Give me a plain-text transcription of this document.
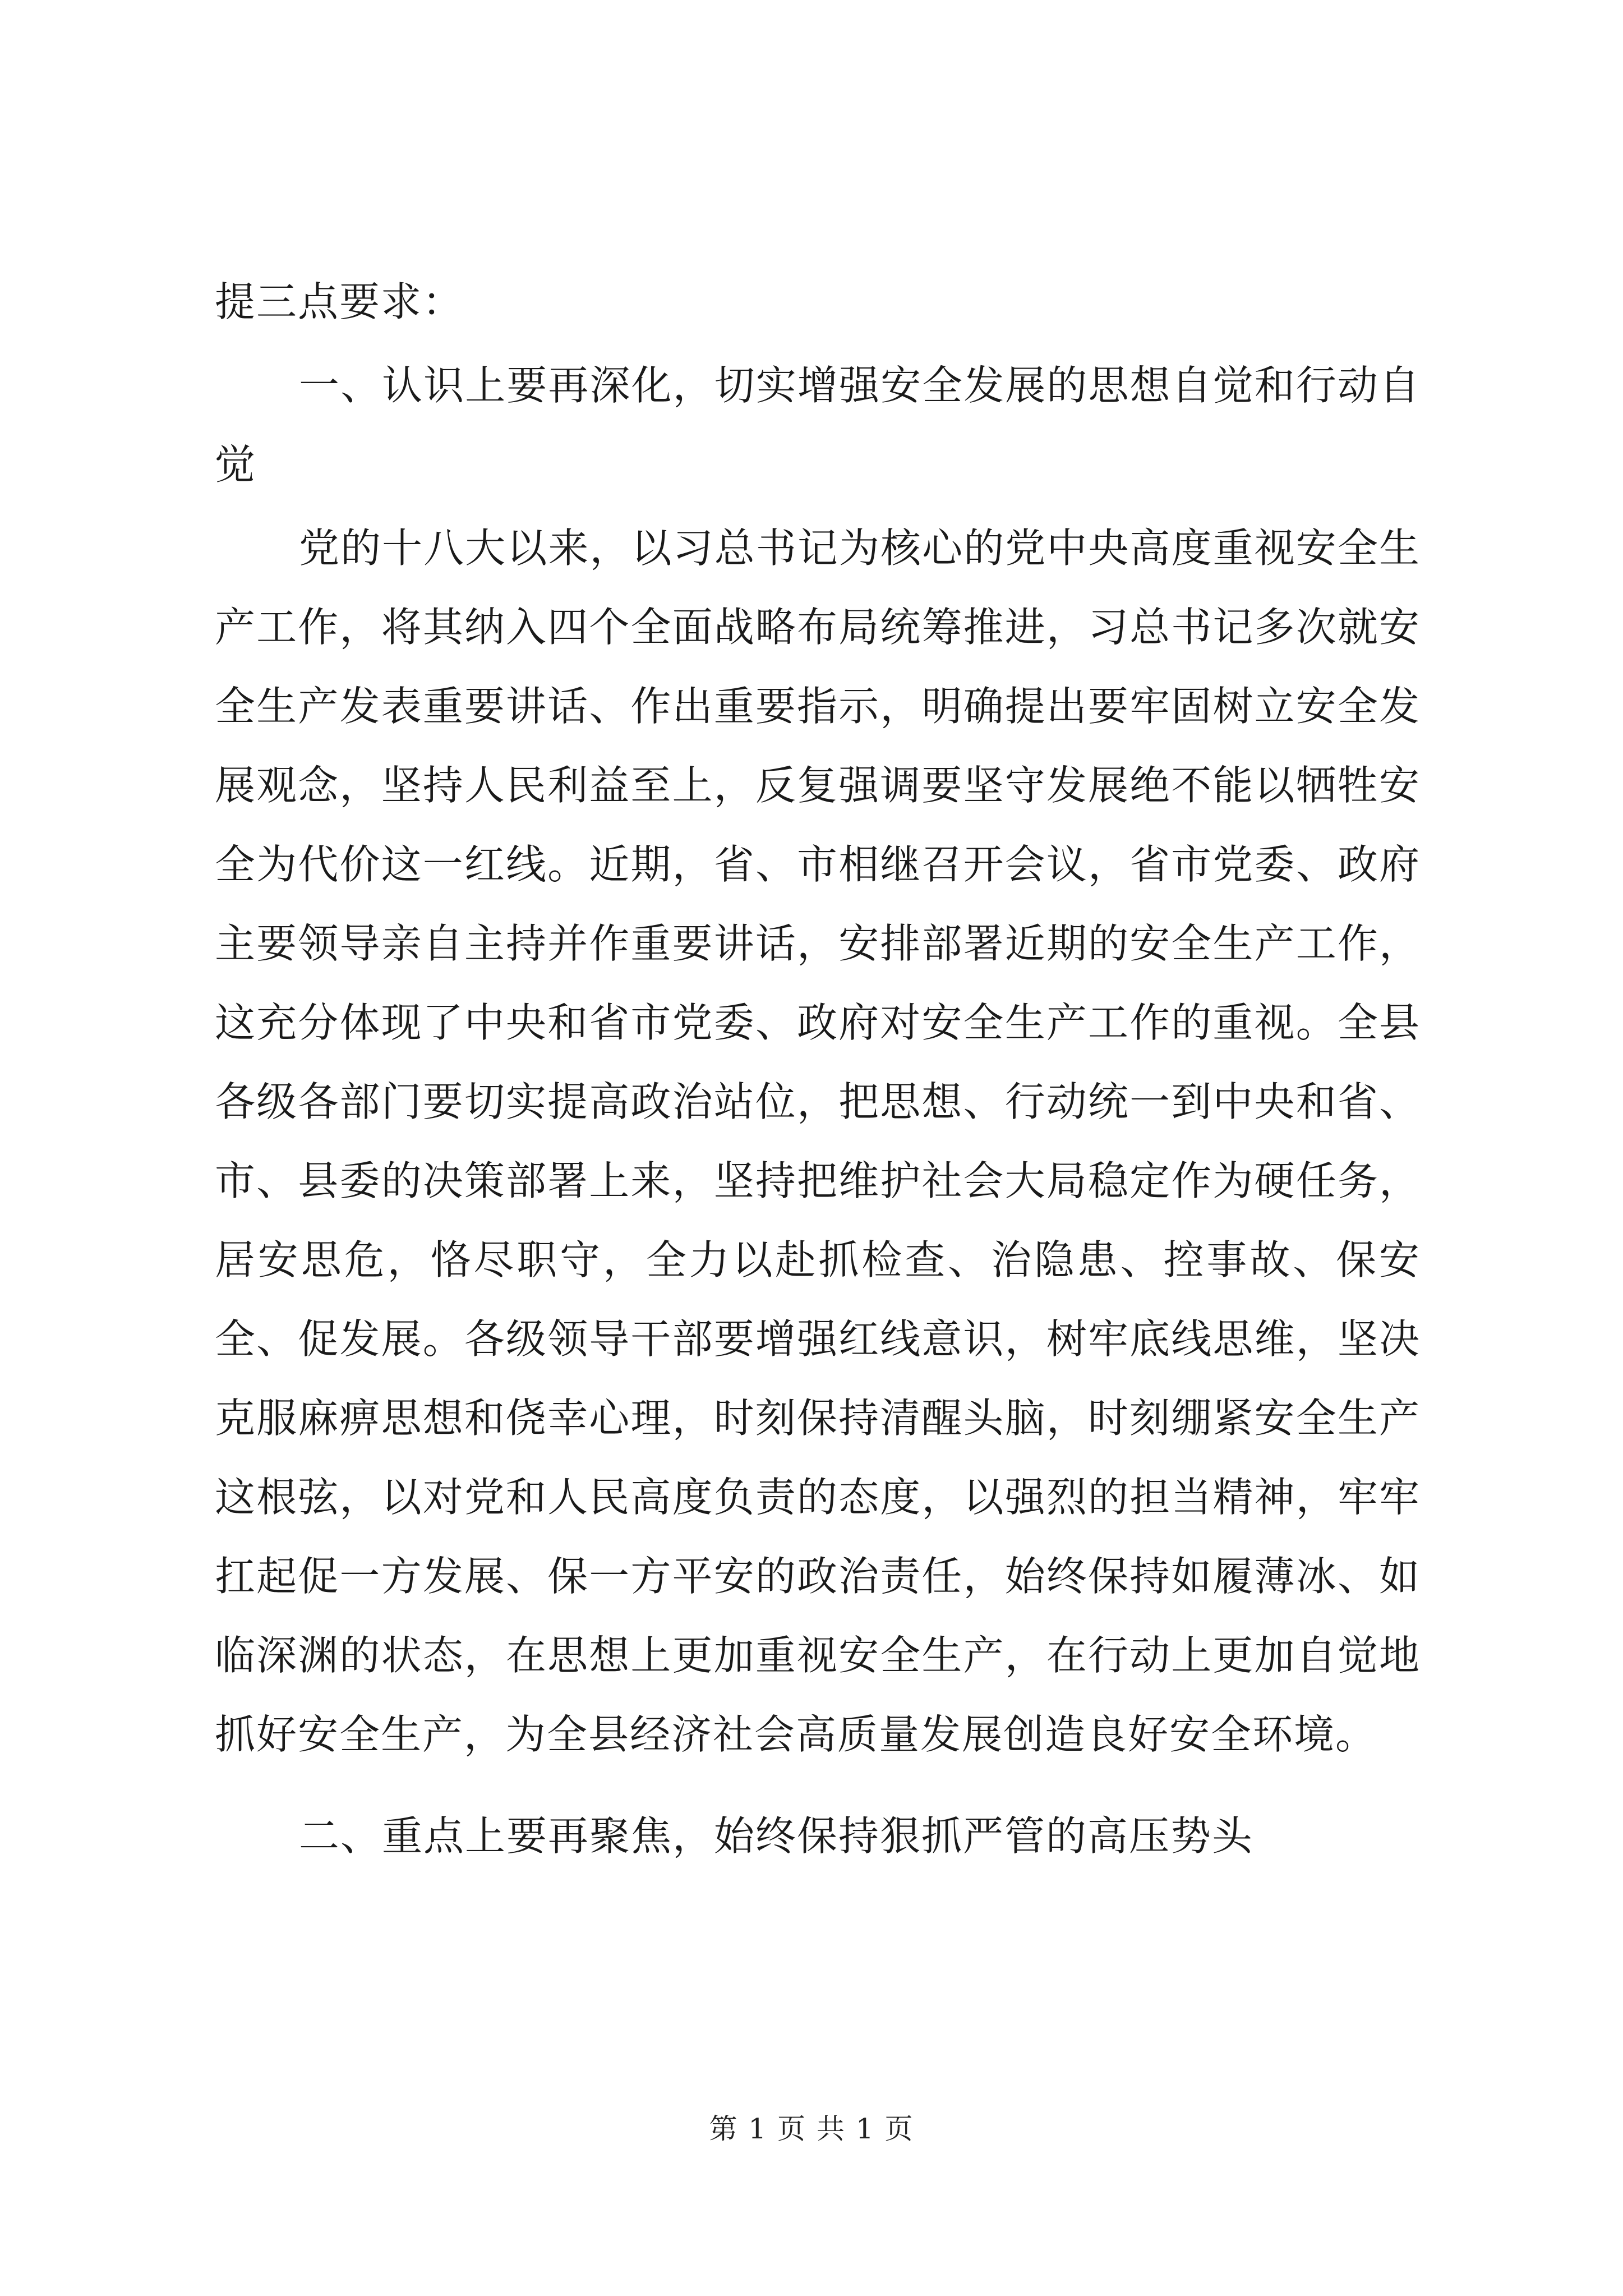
提三点要求：

一、认识上要再深化，切实增强安全发展的思想自觉和行动自觉

党的十八大以来，以习总书记为核心的党中央高度重视安全生产工作，将其纳入四个全面战略布局统筹推进，习总书记多次就安全生产发表重要讲话、作出重要指示，明确提出要牢固树立安全发展观念，坚持人民利益至上，反复强调要坚守发展绝不能以牺牲安全为代价这一红线。近期，省、市相继召开会议，省市党委、政府主要领导亲自主持并作重要讲话，安排部署近期的安全生产工作，这充分体现了中央和省市党委、政府对安全生产工作的重视。全县各级各部门要切实提高政治站位，把思想、行动统一到中央和省、市、县委的决策部署上来，坚持把维护社会大局稳定作为硬任务，居安思危，恪尽职守，全力以赴抓检查、治隐患、控事故、保安全、促发展。各级领导干部要增强红线意识，树牢底线思维，坚决克服麻痹思想和侥幸心理，时刻保持清醒头脑，时刻绷紧安全生产这根弦，以对党和人民高度负责的态度，以强烈的担当精神，牢牢扛起促一方发展、保一方平安的政治责任，始终保持如履薄冰、如临深渊的状态，在思想上更加重视安全生产，在行动上更加自觉地抓好安全生产，为全县经济社会高质量发展创造良好安全环境。

二、重点上要再聚焦，始终保持狠抓严管的高压势头

第 1 页 共 1 页
